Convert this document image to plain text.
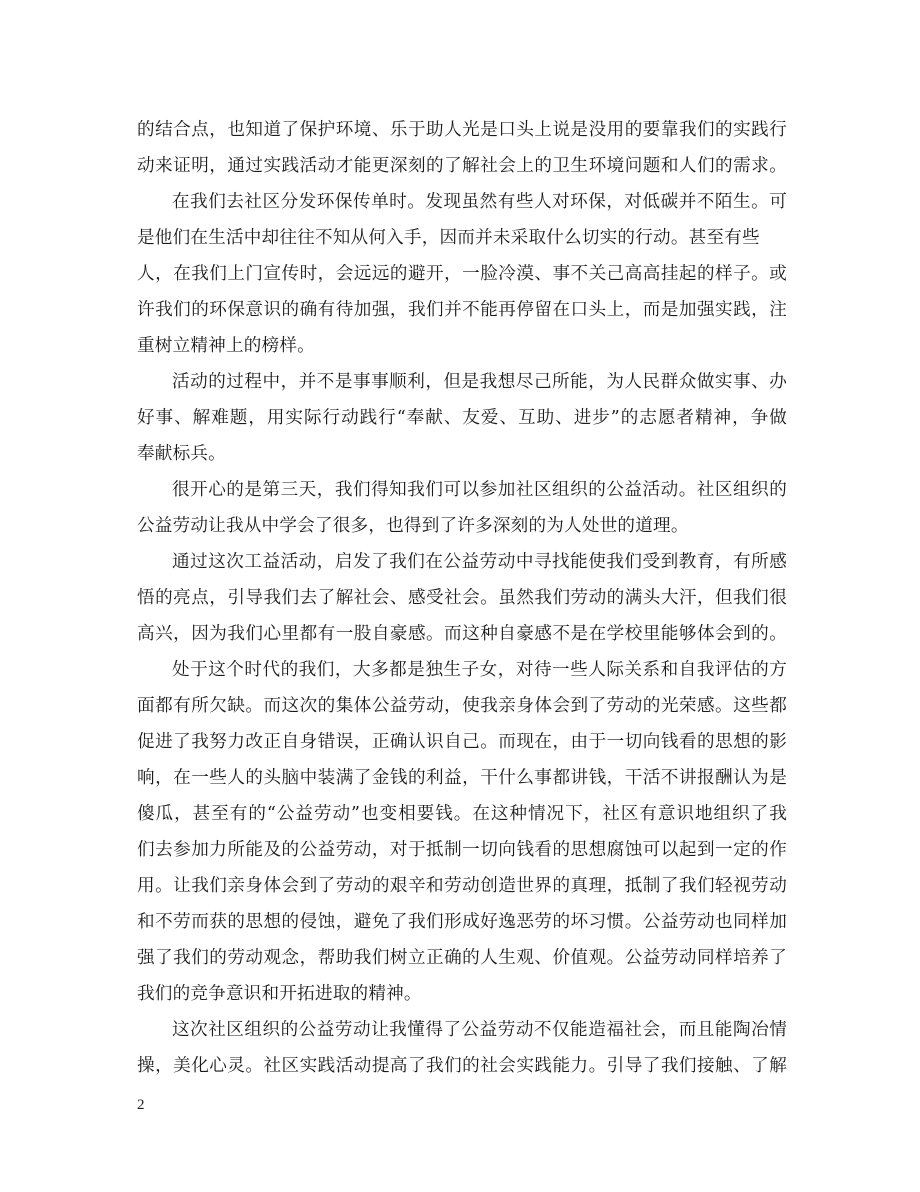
的结合点，也知道了保护环境、乐于助人光是口头上说是没用的要靠我们的实践行
动来证明，通过实践活动才能更深刻的了解社会上的卫生环境问题和人们的需求。
在我们去社区分发环保传单时。发现虽然有些人对环保，对低碳并不陌生。可
是他们在生活中却往往不知从何入手，因而并未采取什么切实的行动。甚至有些
人，在我们上门宣传时，会远远的避开，一脸冷漠、事不关己高高挂起的样子。或
许我们的环保意识的确有待加强，我们并不能再停留在口头上，而是加强实践，注
重树立精神上的榜样。
活动的过程中，并不是事事顺利，但是我想尽己所能，为人民群众做实事、办
好事、解难题，用实际行动践行“奉献、友爱、互助、进步”的志愿者精神，争做
奉献标兵。
很开心的是第三天，我们得知我们可以参加社区组织的公益活动。社区组织的
公益劳动让我从中学会了很多，也得到了许多深刻的为人处世的道理。
通过这次工益活动，启发了我们在公益劳动中寻找能使我们受到教育，有所感
悟的亮点，引导我们去了解社会、感受社会。虽然我们劳动的满头大汗，但我们很
高兴，因为我们心里都有一股自豪感。而这种自豪感不是在学校里能够体会到的。
处于这个时代的我们，大多都是独生子女，对待一些人际关系和自我评估的方
面都有所欠缺。而这次的集体公益劳动，使我亲身体会到了劳动的光荣感。这些都
促进了我努力改正自身错误，正确认识自己。而现在，由于一切向钱看的思想的影
响，在一些人的头脑中装满了金钱的利益，干什么事都讲钱，干活不讲报酬认为是
傻瓜，甚至有的“公益劳动”也变相要钱。在这种情况下，社区有意识地组织了我
们去参加力所能及的公益劳动，对于抵制一切向钱看的思想腐蚀可以起到一定的作
用。让我们亲身体会到了劳动的艰辛和劳动创造世界的真理，抵制了我们轻视劳动
和不劳而获的思想的侵蚀，避免了我们形成好逸恶劳的坏习惯。公益劳动也同样加
强了我们的劳动观念，帮助我们树立正确的人生观、价值观。公益劳动同样培养了
我们的竞争意识和开拓进取的精神。
这次社区组织的公益劳动让我懂得了公益劳动不仅能造福社会，而且能陶冶情
操，美化心灵。社区实践活动提高了我们的社会实践能力。引导了我们接触、了解
2
